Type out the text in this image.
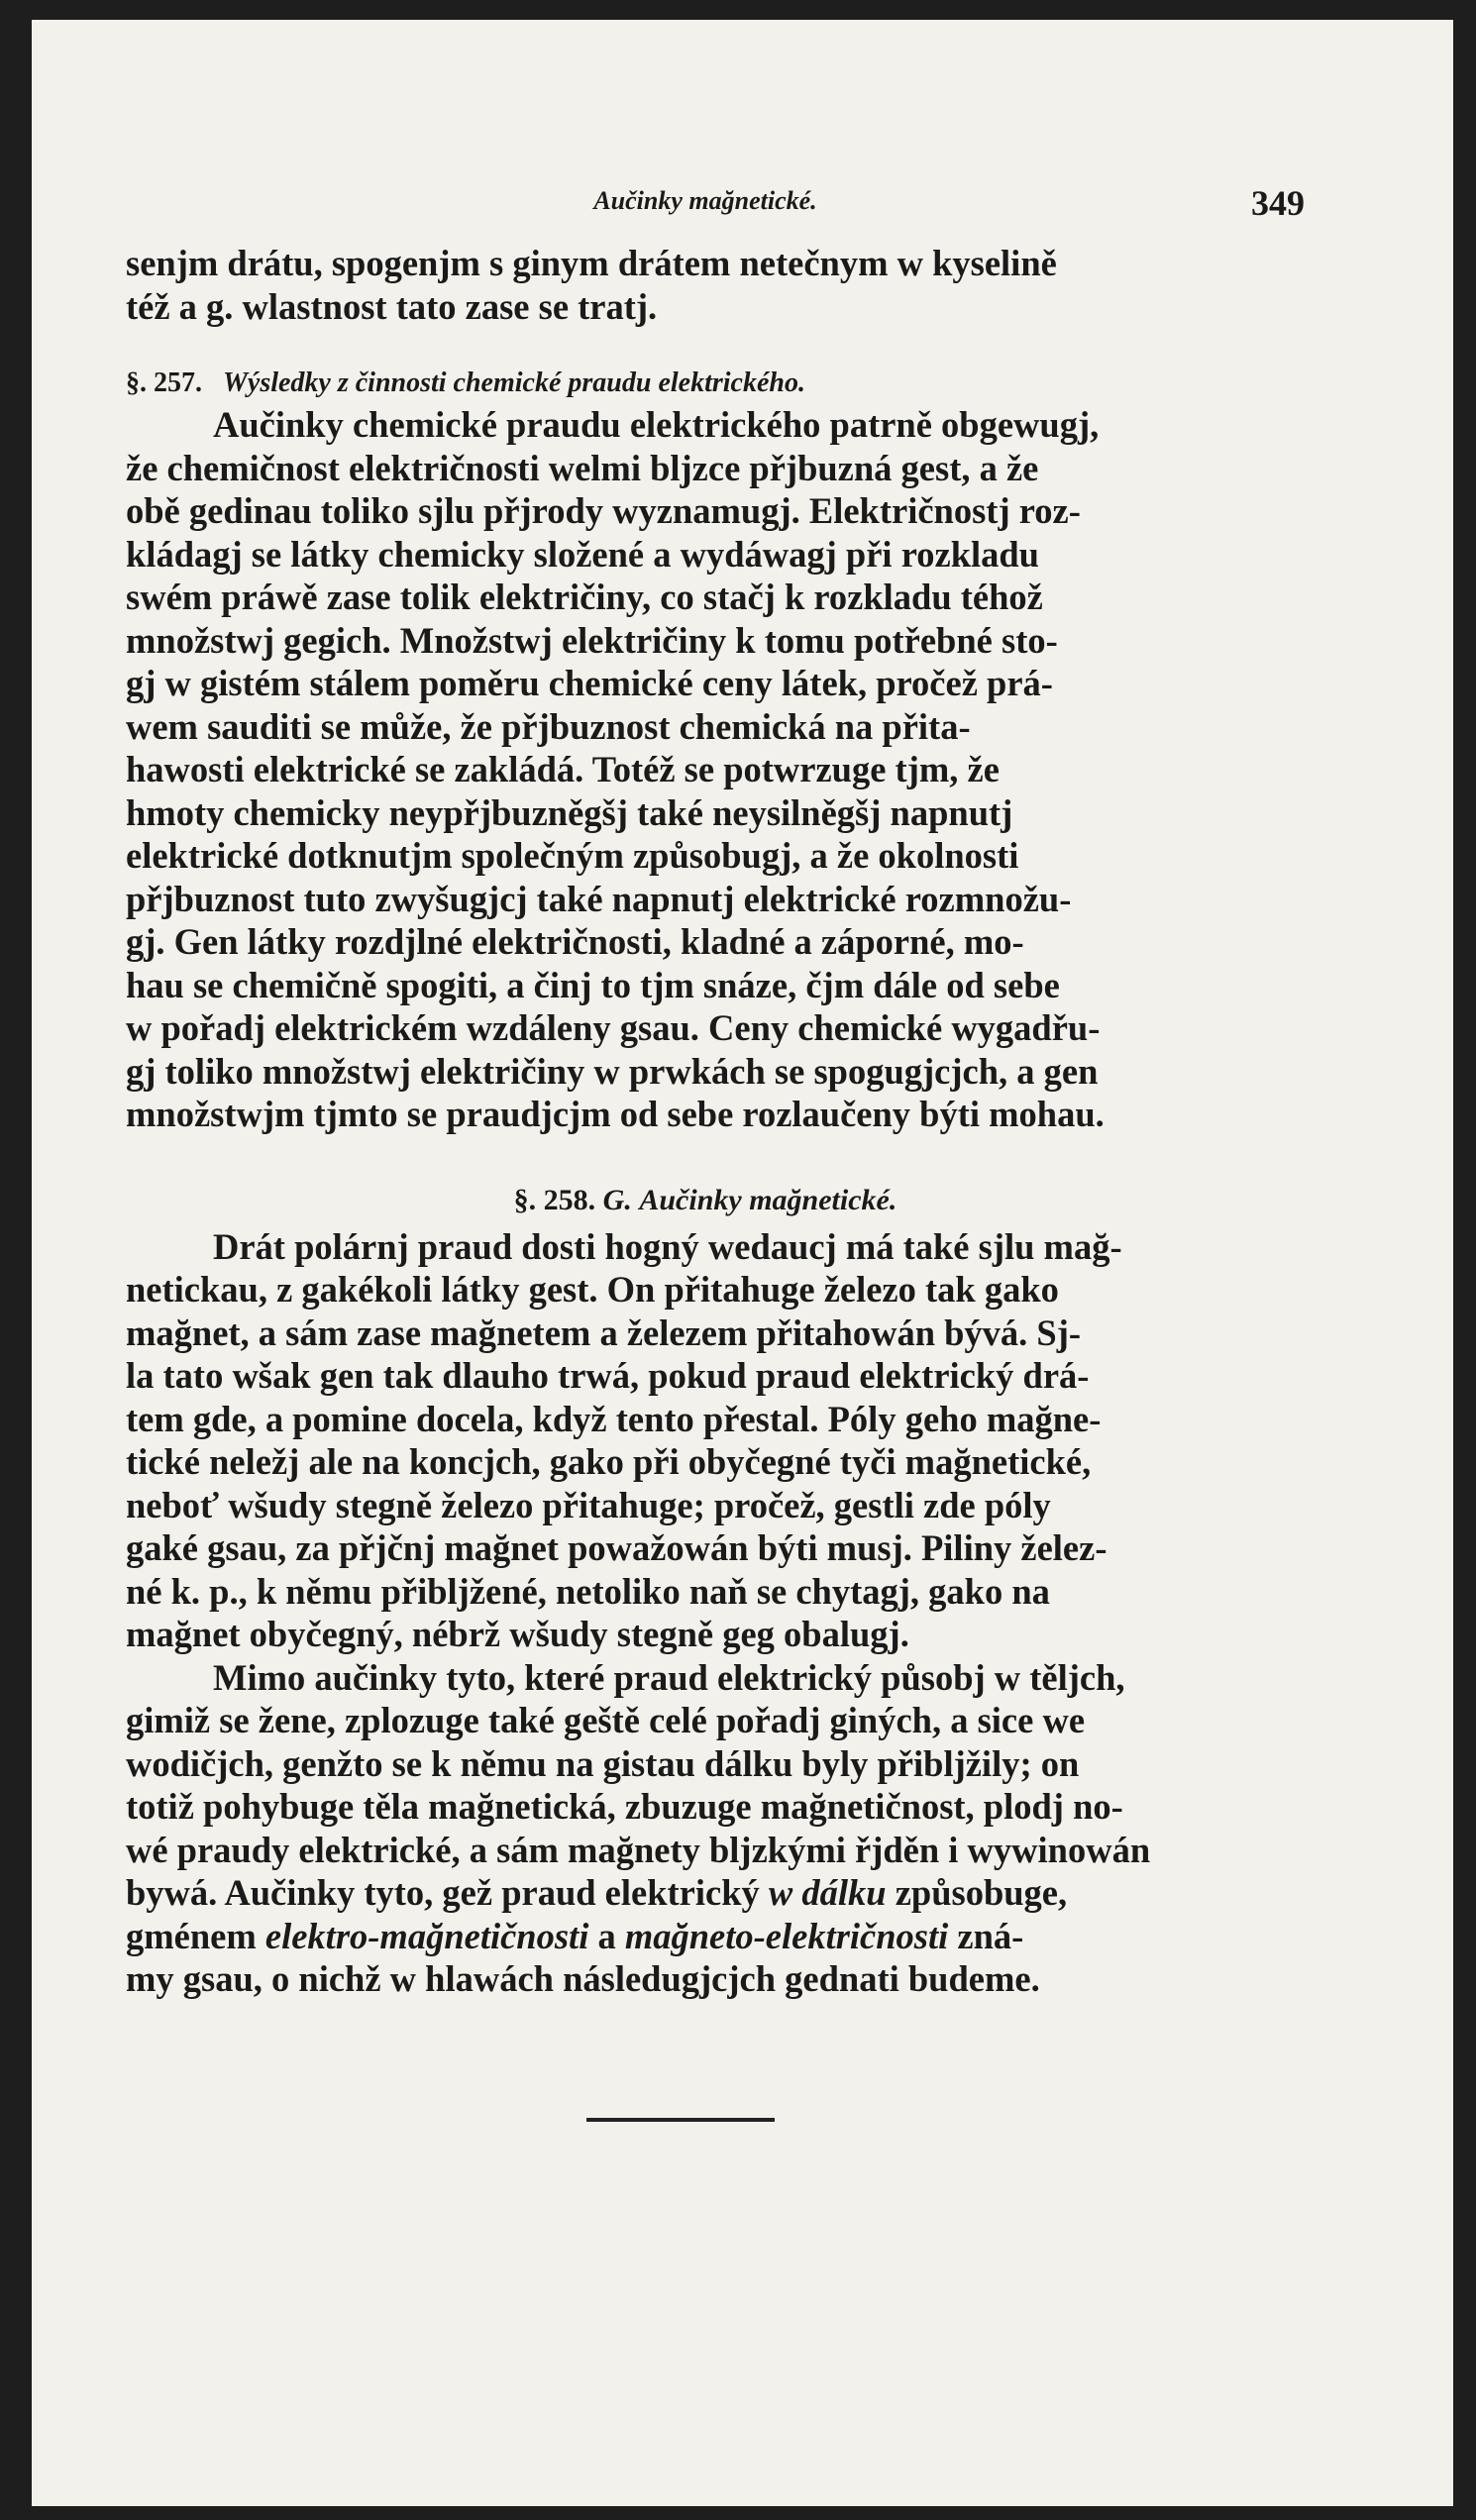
Aučinky mağnetické.	349

senjm drátu, spogenjm s ginym drátem netečnym w kyselině
též a g. wlastnost tato zase se tratj.

§. 257. Wýsledky z činnosti chemické praudu elektrického.

Aučinky chemické praudu elektrického patrně obgewugj,
že chemičnost električnosti welmi bljzce přjbuzná gest, a že
obě gedinau toliko sjlu přjrody wyznamugj. Električnostj roz-
kládagj se látky chemicky složené a wydáwagj při rozkladu
swém práwě zase tolik električiny, co stačj k rozkladu téhož
množstwj gegich. Množstwj električiny k tomu potřebné sto-
gj w gistém stálem poměru chemické ceny látek, pročež prá-
wem sauditi se může, že přjbuznost chemická na přita-
hawosti elektrické se zakládá. Totéž se potwrzuge tjm, že
hmoty chemicky neypřjbuzněgšj také neysilněgšj napnutj
elektrické dotknutjm společným způsobugj, a že okolnosti
přjbuznost tuto zwyšugjcj také napnutj elektrické rozmnožu-
gj. Gen látky rozdjlné električnosti, kladné a záporné, mo-
hau se chemičně spogiti, a činj to tjm snáze, čjm dále od sebe
w pořadj elektrickém wzdáleny gsau. Ceny chemické wygadřu-
gj toliko množstwj električiny w prwkách se spogugjcjch, a gen
množstwjm tjmto se praudjcjm od sebe rozlaučeny býti mohau.

§. 258. G. Aučinky mağnetické.

Drát polárnj praud dosti hogný wedaucj má také sjlu mağ-
netickau, z gakékoli látky gest. On přitahuge železo tak gako
mağnet, a sám zase mağnetem a železem přitahowán bývá. Sj-
la tato wšak gen tak dlauho trwá, pokud praud elektrický drá-
tem gde, a pomine docela, když tento přestal. Póly geho mağne-
tické neležj ale na koncjch, gako při obyčegné tyči mağnetické,
neboť wšudy stegně železo přitahuge; pročež, gestli zde póly
gaké gsau, za přjčnj mağnet powažowán býti musj. Piliny želez-
né k. p., k němu přibljžené, netoliko naň se chytagj, gako na
mağnet obyčegný, nébrž wšudy stegně geg obalugj.

Mimo aučinky tyto, které praud elektrický působj w těljch,
gimiž se žene, zplozuge také geště celé pořadj giných, a sice we
wodičjch, genžto se k němu na gistau dálku byly přibljžily; on
totiž pohybuge těla mağnetická, zbuzuge mağnetičnost, plodj no-
wé praudy elektrické, a sám mağnety bljzkými řjděn i wywinowán
bywá. Aučinky tyto, gež praud elektrický w dálku způsobuge,
gménem elektro-mağnetičnosti a mağneto-električnosti zná-
my gsau, o nichž w hlawách následugjcjch gednati budeme.
